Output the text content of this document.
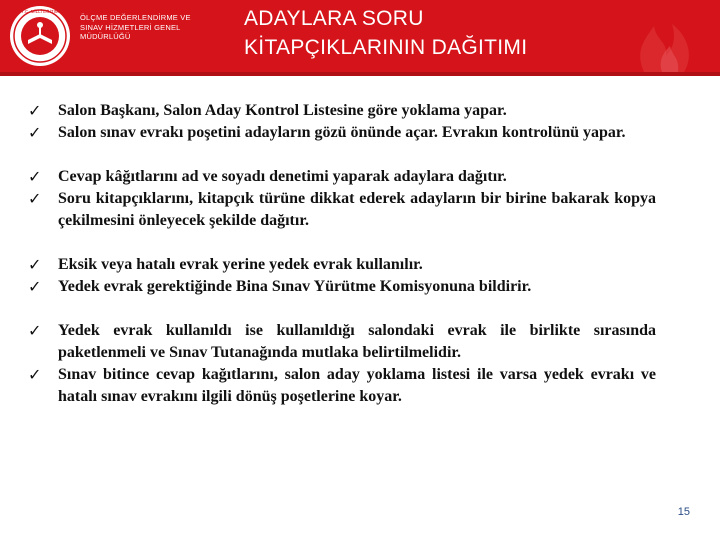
T.C. MİLLÎ EĞİTİM
ÖLÇME DEĞERLENDİRME VE
SINAV HİZMETLERİ GENEL
MÜDÜRLÜĞÜ
ADAYLARA SORU
KİTAPÇIKLARININ DAĞITIMI
✓	Salon Başkanı, Salon Aday Kontrol Listesine göre yoklama yapar.
✓	Salon sınav evrakı poşetini adayların gözü önünde açar. Evrakın kontrolünü yapar.
✓	Cevap kâğıtlarını ad ve soyadı denetimi yaparak adaylara dağıtır.
✓	Soru kitapçıklarını, kitapçık türüne dikkat ederek adayların bir birine bakarak kopya çekilmesini önleyecek şekilde dağıtır.
✓	Eksik veya hatalı evrak yerine yedek evrak kullanılır.
✓	Yedek evrak gerektiğinde Bina Sınav Yürütme Komisyonuna bildirir.
✓	Yedek evrak kullanıldı ise kullanıldığı salondaki evrak ile birlikte sırasında paketlenmeli ve Sınav Tutanağında mutlaka belirtilmelidir.
✓	Sınav bitince cevap kağıtlarını, salon aday yoklama listesi ile varsa yedek evrakı ve hatalı sınav evrakını ilgili dönüş poşetlerine koyar.
15
